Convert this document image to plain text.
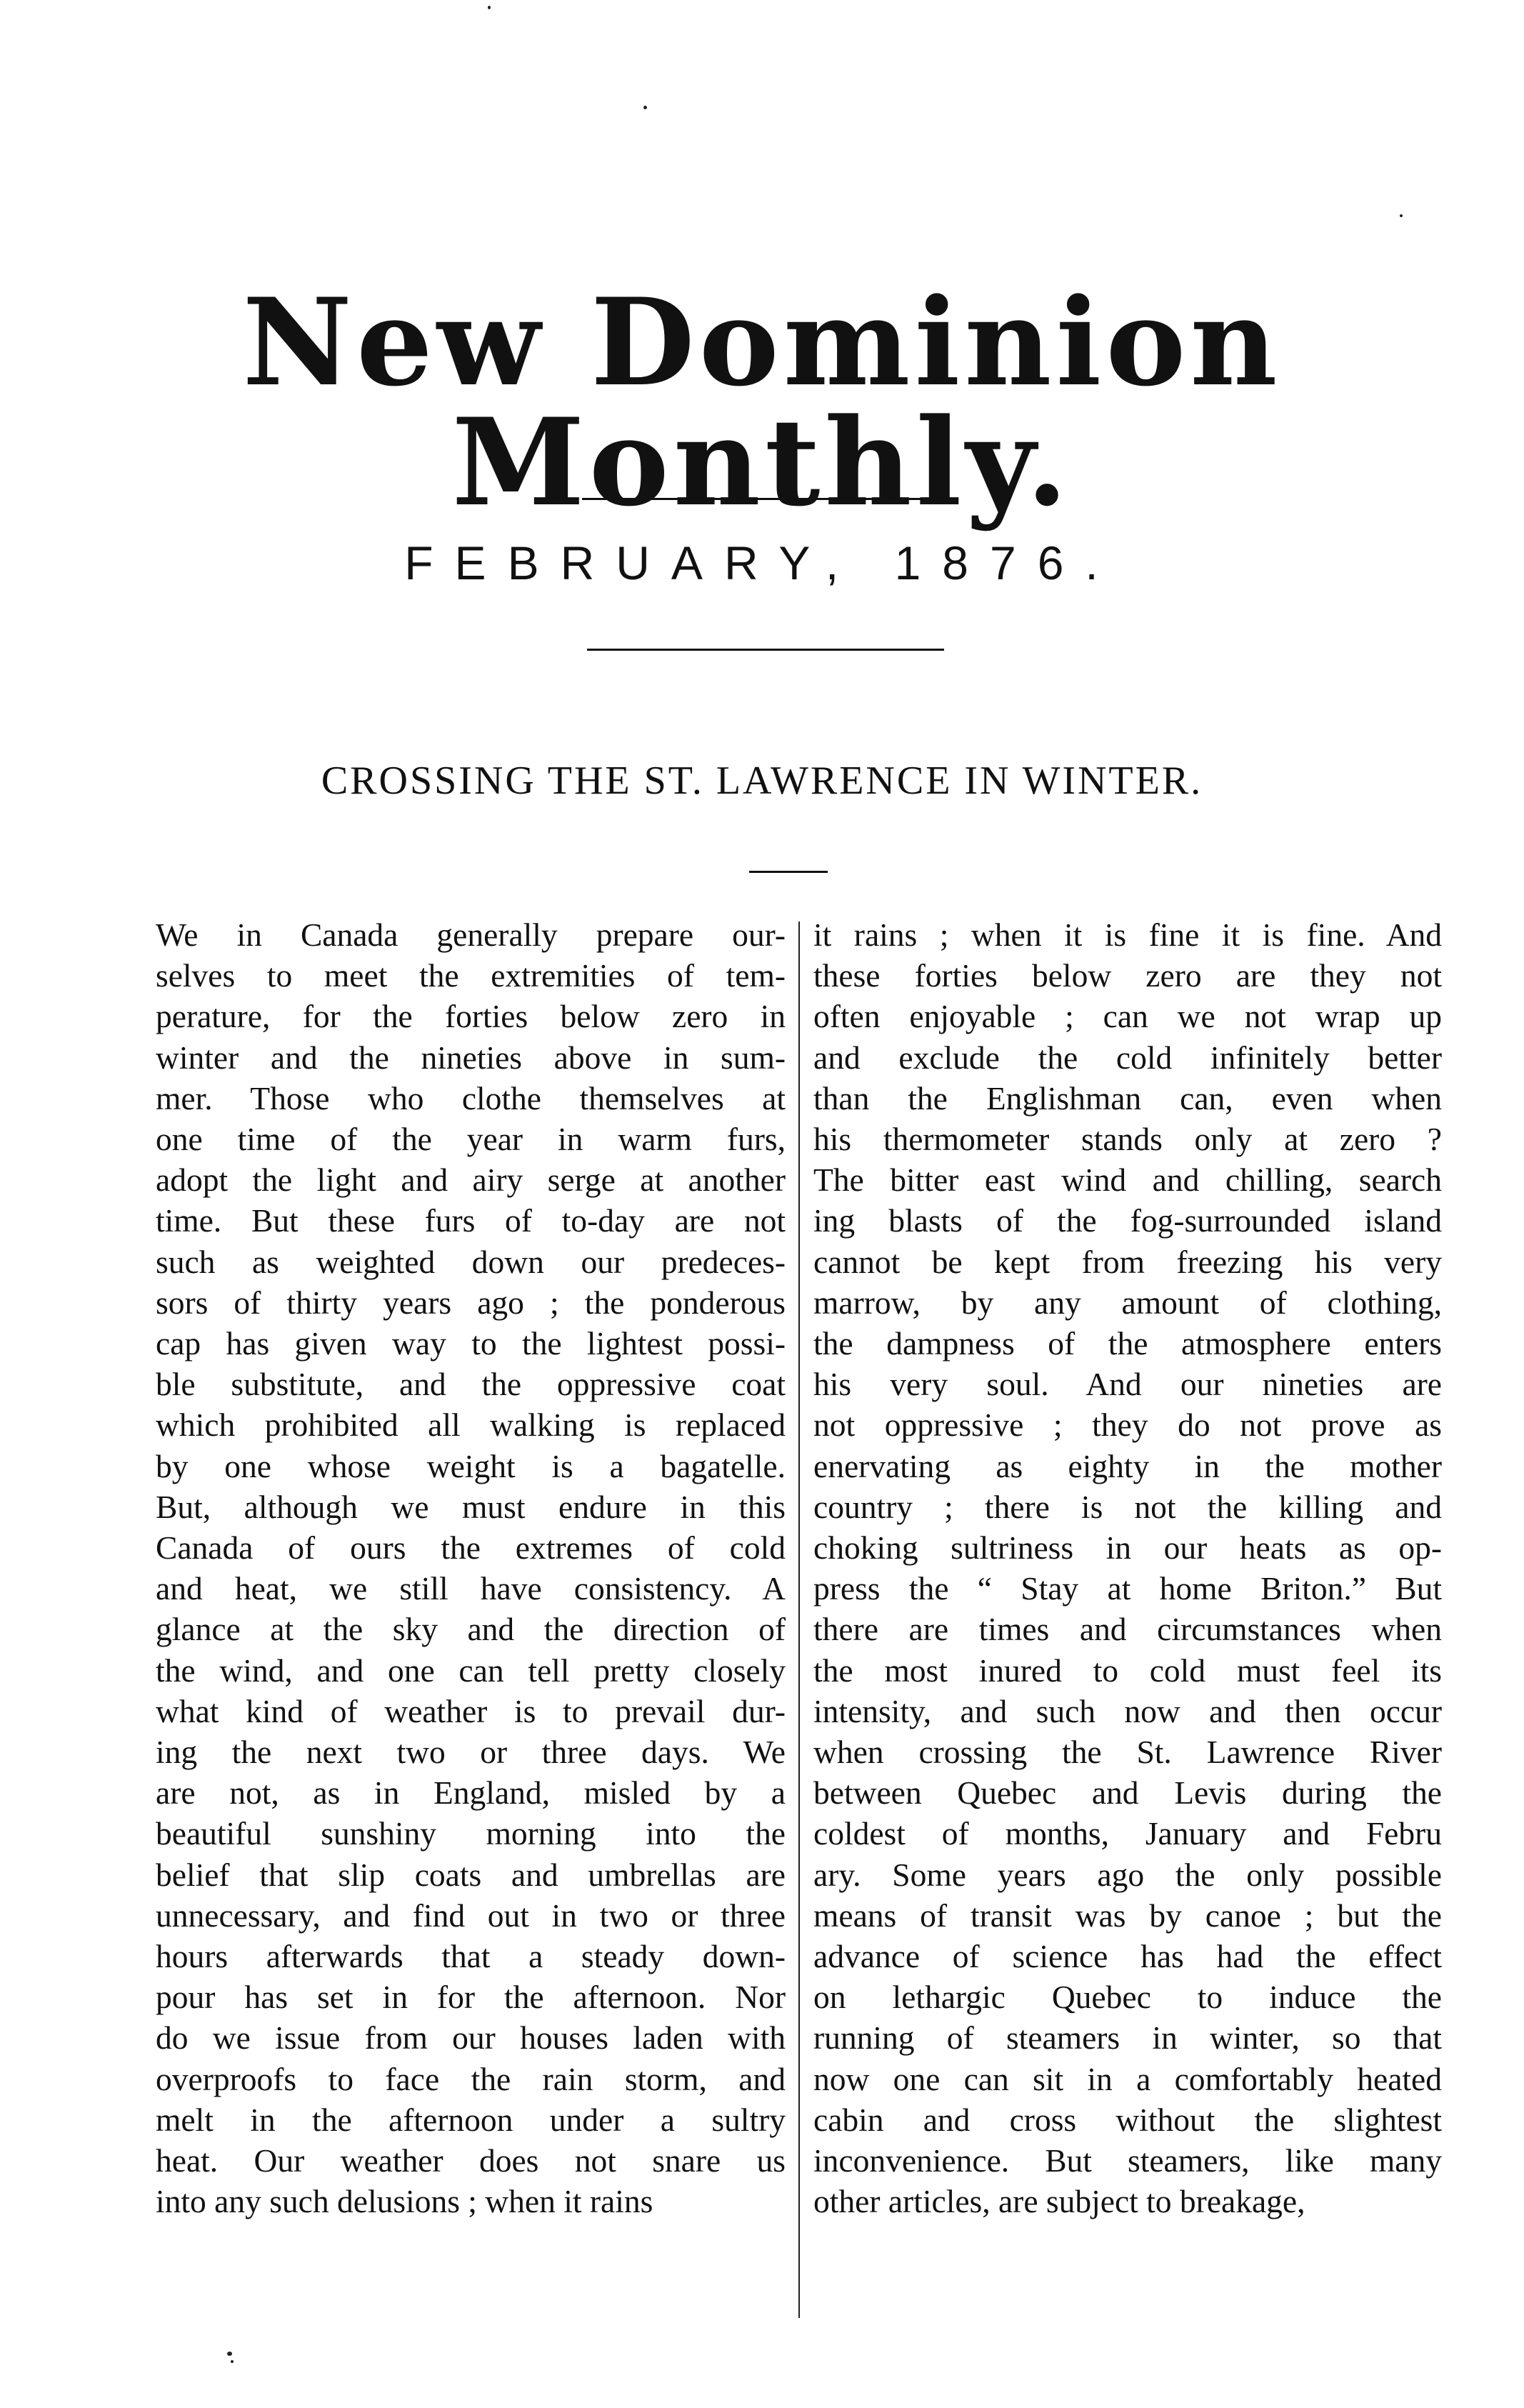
New Dominion Monthly.
FEBRUARY, 1876.
CROSSING THE ST. LAWRENCE IN WINTER.
We in Canada generally prepare our-
selves to meet the extremities of tem-
perature, for the forties below zero in
winter and the nineties above in sum-
mer. Those who clothe themselves at
one time of the year in warm furs,
adopt the light and airy serge at another
time. But these furs of to-day are not
such as weighted down our predeces-
sors of thirty years ago ; the ponderous
cap has given way to the lightest possi-
ble substitute, and the oppressive coat
which prohibited all walking is replaced
by one whose weight is a bagatelle.
But, although we must endure in this
Canada of ours the extremes of cold
and heat, we still have consistency. A
glance at the sky and the direction of
the wind, and one can tell pretty closely
what kind of weather is to prevail dur-
ing the next two or three days. We
are not, as in England, misled by a
beautiful sunshiny morning into the
belief that slip coats and umbrellas are
unnecessary, and find out in two or three
hours afterwards that a steady down-
pour has set in for the afternoon. Nor
do we issue from our houses laden with
overproofs to face the rain storm, and
melt in the afternoon under a sultry
heat. Our weather does not snare us
into any such delusions ; when it rains
it rains ; when it is fine it is fine. And
these forties below zero are they not
often enjoyable ; can we not wrap up
and exclude the cold infinitely better
than the Englishman can, even when
his thermometer stands only at zero ?
The bitter east wind and chilling, search
ing blasts of the fog-surrounded island
cannot be kept from freezing his very
marrow, by any amount of clothing,
the dampness of the atmosphere enters
his very soul. And our nineties are
not oppressive ; they do not prove as
enervating as eighty in the mother
country ; there is not the killing and
choking sultriness in our heats as op-
press the “ Stay at home Briton.” But
there are times and circumstances when
the most inured to cold must feel its
intensity, and such now and then occur
when crossing the St. Lawrence River
between Quebec and Levis during the
coldest of months, January and Febru
ary. Some years ago the only possible
means of transit was by canoe ; but the
advance of science has had the effect
on lethargic Quebec to induce the
running of steamers in winter, so that
now one can sit in a comfortably heated
cabin and cross without the slightest
inconvenience. But steamers, like many
other articles, are subject to breakage,
